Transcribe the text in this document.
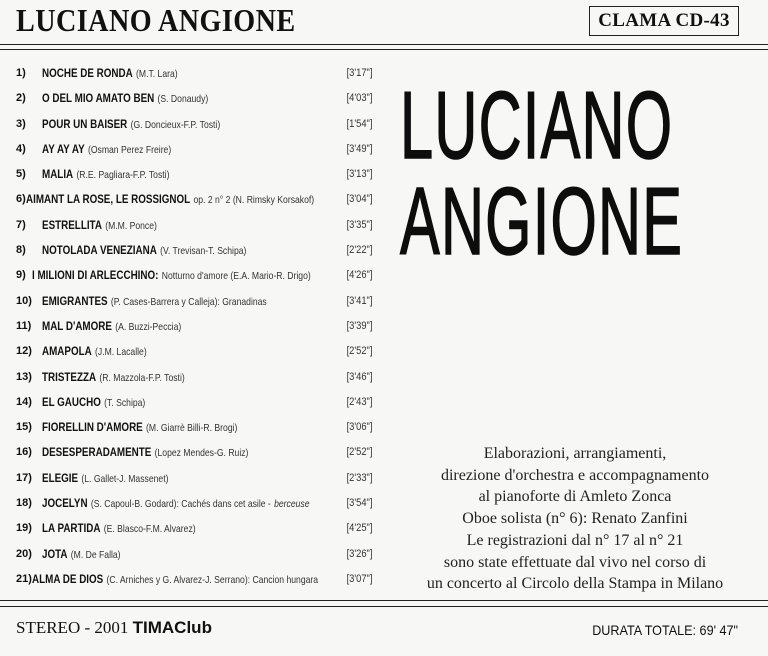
LUCIANO ANGIONE	CLAMA CD-43
1)	NOCHE DE RONDA (M.T. Lara)	[3'17"]
2)	O DEL MIO AMATO BEN (S. Donaudy)	[4'03"]
3)	POUR UN BAISER (G. Doncieux-F.P. Tosti)	[1'54"]
4)	AY AY AY (Osman Perez Freire)	[3'49"]
5)	MALIA (R.E. Pagliara-F.P. Tosti)	[3'13"]
6) AIMANT LA ROSE, LE ROSSIGNOL op. 2 n° 2 (N. Rimsky Korsakof)	[3'04"]
7)	ESTRELLITA (M.M. Ponce)	[3'35"]
8)	NOTOLADA VENEZIANA (V. Trevisan-T. Schipa)	[2'22"]
9) I MILIONI DI ARLECCHINO: Notturno d'amore (E.A. Mario-R. Drigo)	[4'26"]
10) EMIGRANTES (P. Cases-Barrera y Calleja): Granadinas	[3'41"]
11) MAL D'AMORE (A. Buzzi-Peccia)	[3'39"]
12) AMAPOLA (J.M. Lacalle)	[2'52"]
13) TRISTEZZA (R. Mazzola-F.P. Tosti)	[3'46"]
14) EL GAUCHO (T. Schipa)	[2'43"]
15) FIORELLIN D'AMORE (M. Giarrè Billi-R. Brogi)	[3'06"]
16) DESESPERADAMENTE (Lopez Mendes-G. Ruiz)	[2'52"]
17) ELEGIE (L. Gallet-J. Massenet)	[2'33"]
18) JOCELYN (S. Capoul-B. Godard): Cachés dans cet asile - berceuse	[3'54"]
19) LA PARTIDA (E. Blasco-F.M. Alvarez)	[4'25"]
20) JOTA (M. De Falla)	[3'26"]
21) ALMA DE DIOS (C. Arniches y G. Alvarez-J. Serrano): Cancion hungara	[3'07"]
LUCIANO
ANGIONE
Elaborazioni, arrangiamenti,
direzione d'orchestra e accompagnamento
al pianoforte di Amleto Zonca
Oboe solista (n° 6): Renato Zanfini
Le registrazioni dal n° 17 al n° 21
sono state effettuate dal vivo nel corso di
un concerto al Circolo della Stampa in Milano
STEREO - 2001 TIMAClub	DURATA TOTALE: 69' 47"
